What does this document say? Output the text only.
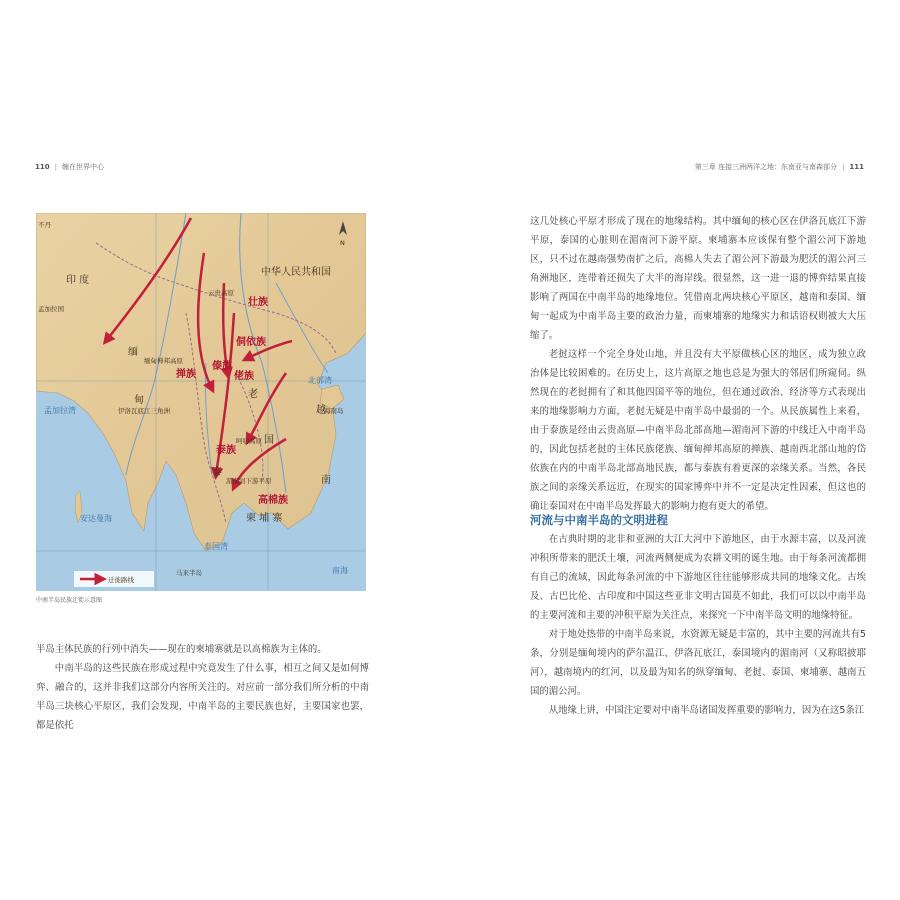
110 | 缠在世界中心	第三章 连接三洲两洋之地：东南亚与南森部分 | 111
N
不丹
中华人民共和国
印 度
孟加拉国
云贵高原
壮族
缅
甸
缅甸掸邦高原
掸族
傣族
侗依族
佬族
老
泰族
泰
国
湄南河下游平原
呵叻高原
高棉族
柬 埔 寨
南
越
海南岛
北部湾
孟加拉湾
安达曼海
泰国湾
南海
伊洛瓦底江三角洲
马来半岛
迁徙路线
中南半岛民族迁徙示意图

半岛主体民族的行列中消失——现在的柬埔寨就是以高棉族为主体的。

中南半岛的这些民族在形成过程中究竟发生了什么事，相互之间又是如何博弈、融合的，这并非我们这部分内容所关注的。对应前一部分我们所分析的中南半岛三块核心平原区，我们会发现，中南半岛的主要民族也好，主要国家也罢，都是依托

这几处核心平原才形成了现在的地缘结构。其中缅甸的核心区在伊洛瓦底江下游平原，泰国的心脏则在湄南河下游平原。柬埔寨本应该保有整个湄公河下游地区，只不过在越南强势南扩之后，高棉人失去了湄公河下游最为肥沃的湄公河三角洲地区，连带着还损失了大半的海岸线。很显然，这一进一退的博弈结果直接影响了两国在中南半岛的地缘地位。凭借南北两块核心平原区，越南和泰国、缅甸一起成为中南半岛主要的政治力量，而柬埔寨的地缘实力和话语权则被大大压缩了。

老挝这样一个完全身处山地，并且没有大平原做核心区的地区，成为独立政治体是比较困难的。在历史上，这片高原之地也总是为强大的邻居们所窥伺。纵然现在的老挝拥有了和其他四国平等的地位，但在通过政治、经济等方式表现出来的地缘影响力方面，老挝无疑是中南半岛中最弱的一个。从民族属性上来看，由于泰族是经由云贵高原—中南半岛北部高地—湄南河下游的中线迁入中南半岛的，因此包括老挝的主体民族佬族、缅甸掸邦高原的掸族、越南西北部山地的岱依族在内的中南半岛北部高地民族，都与泰族有着更深的亲缘关系。当然，各民族之间的亲缘关系远近，在现实的国家博弈中并不一定是决定性因素，但这也的确让泰国对在中南半岛发挥最大的影响力抱有更大的希望。

河流与中南半岛的文明进程

在古典时期的北非和亚洲的大江大河中下游地区，由于水源丰富，以及河流冲积所带来的肥沃土壤，河流两侧便成为农耕文明的诞生地。由于每条河流都拥有自己的流域，因此每条河流的中下游地区往往能够形成共同的地缘文化。古埃及、古巴比伦、古印度和中国这些亚非文明古国莫不如此，我们可以以中南半岛的主要河流和主要的冲积平原为关注点，来探究一下中南半岛文明的地缘特征。

对于地处热带的中南半岛来说，水资源无疑是丰富的，其中主要的河流共有5条，分别是缅甸境内的萨尔温江、伊洛瓦底江，泰国境内的湄南河（又称昭披耶河），越南境内的红河，以及最为知名的纵穿缅甸、老挝、泰国、柬埔寨、越南五国的湄公河。

从地缘上讲，中国注定要对中南半岛诸国发挥重要的影响力，因为在这5条江
